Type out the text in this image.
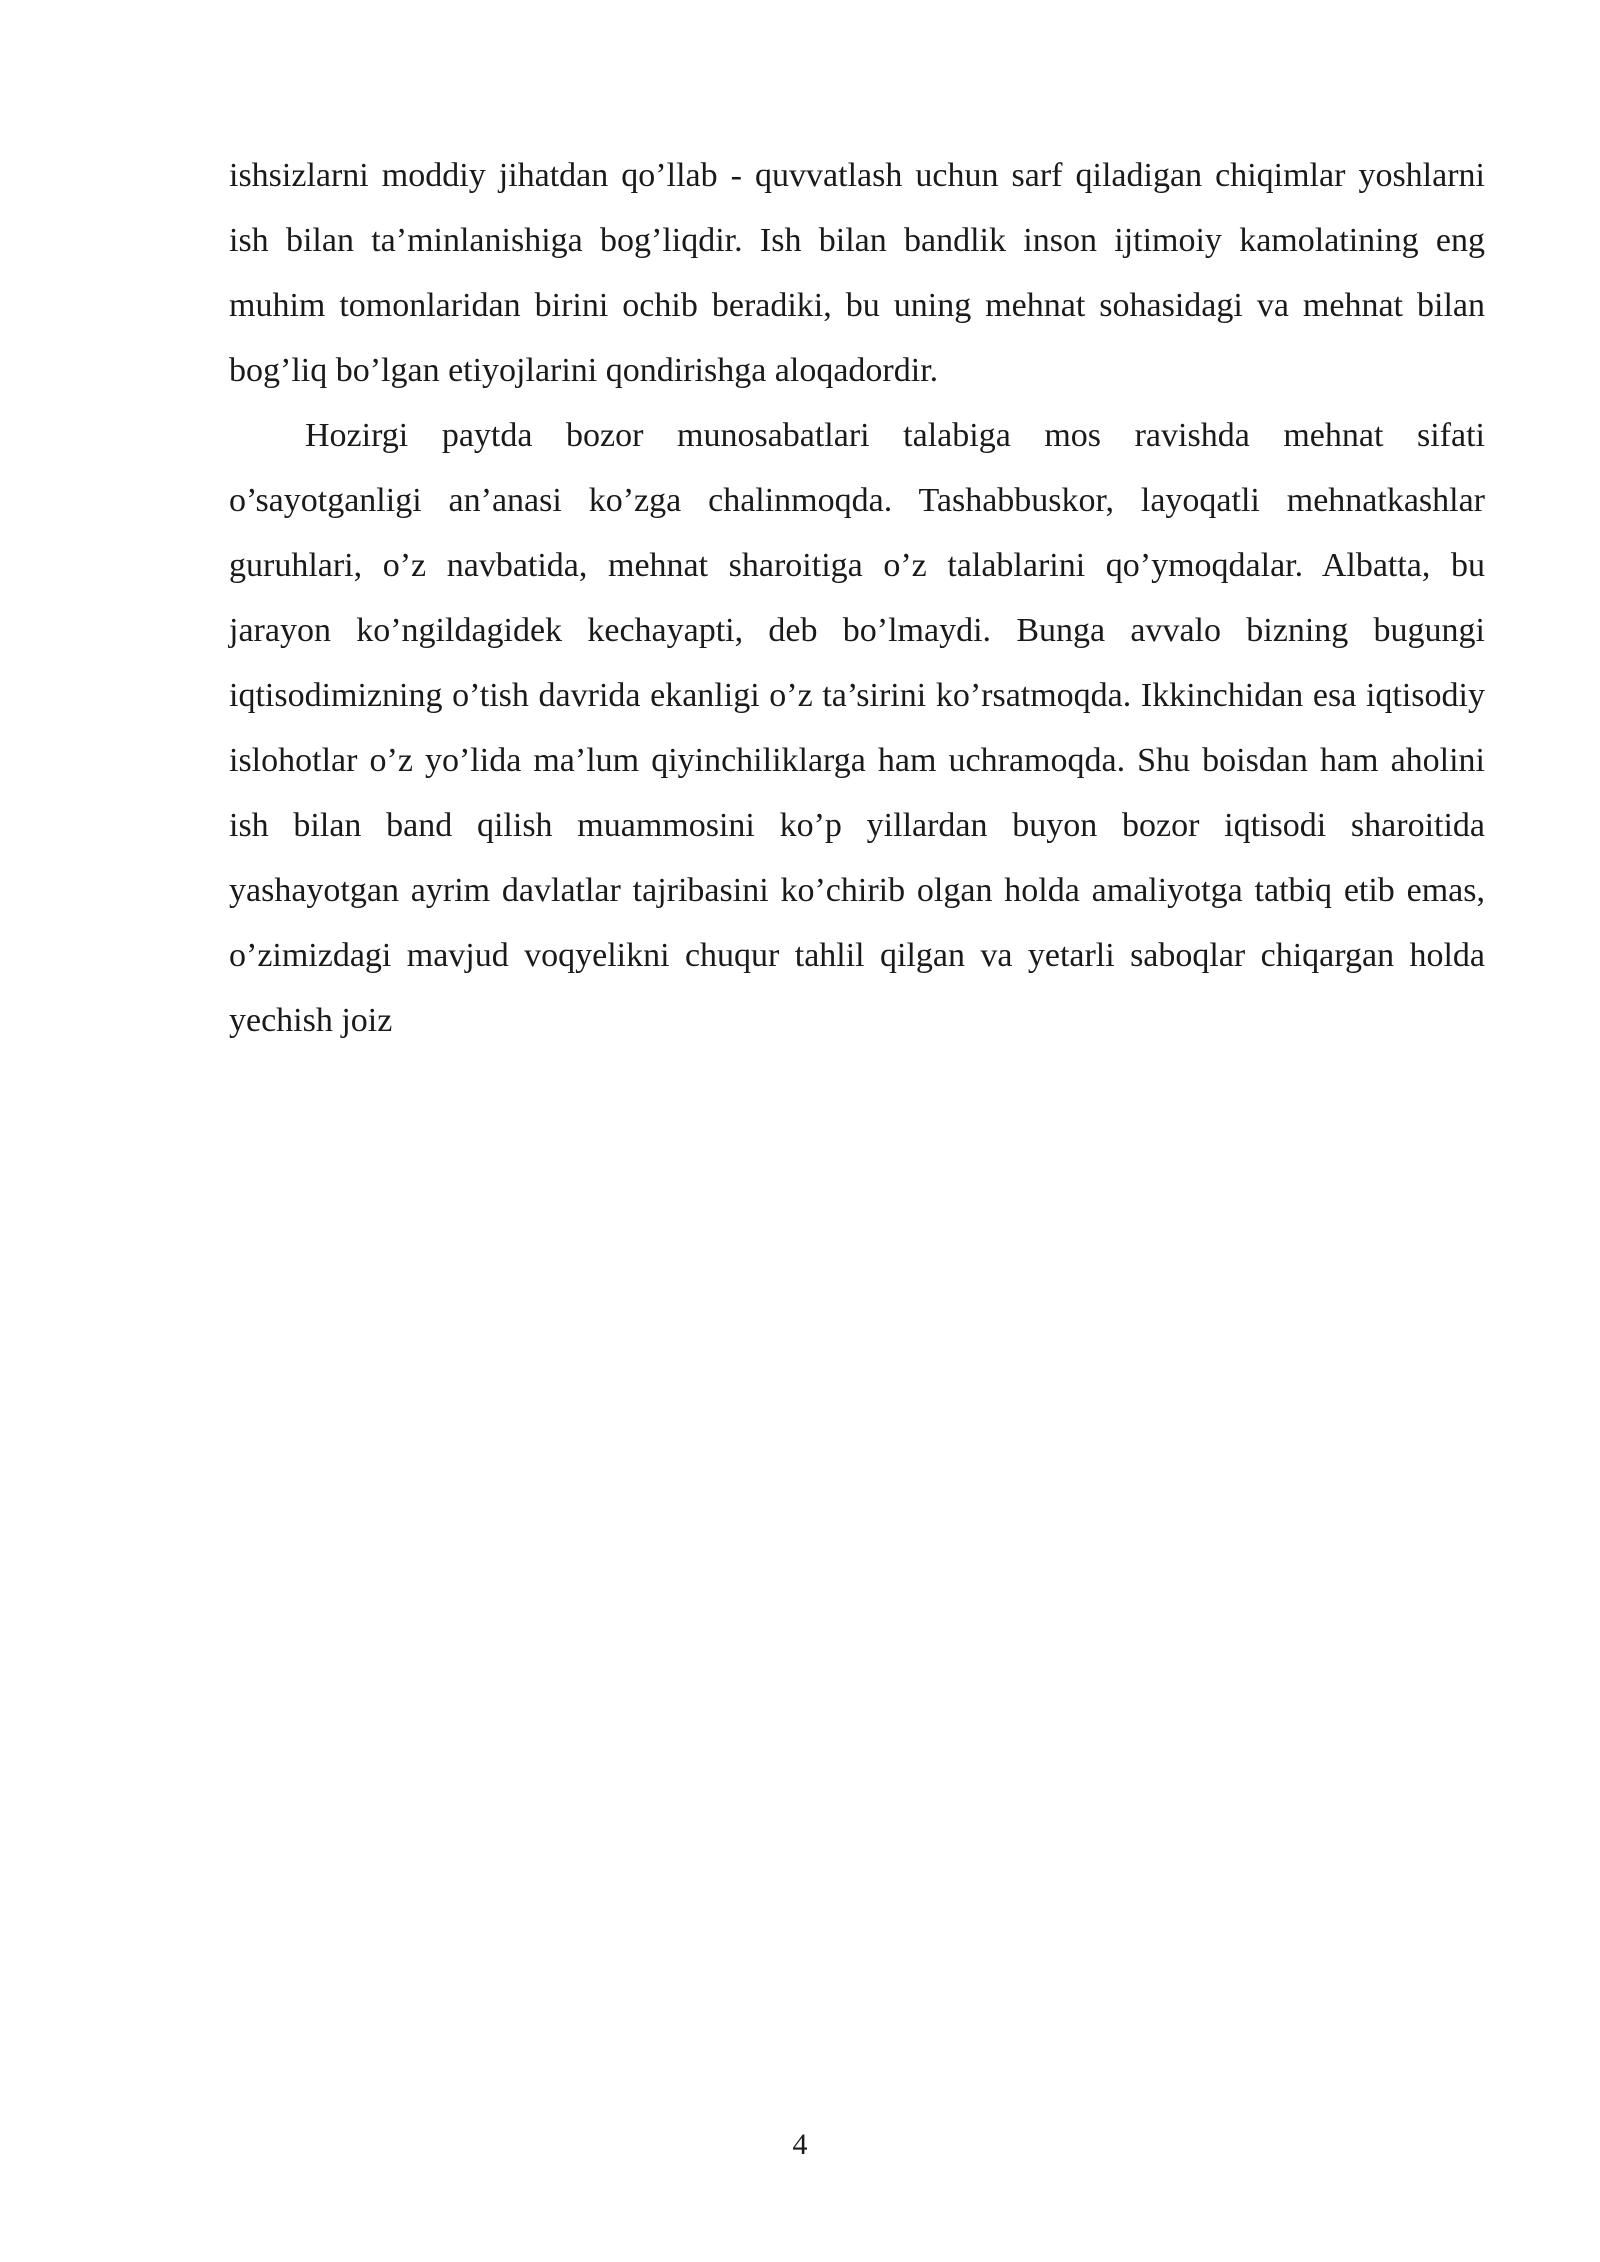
ishsizlarni moddiy jihatdan qo’llab - quvvatlash uchun sarf qiladigan chiqimlar yoshlarni ish bilan ta’minlanishiga bog’liqdir. Ish bilan bandlik inson ijtimoiy kamolatining eng muhim tomonlaridan birini ochib beradiki, bu uning mehnat sohasidagi va mehnat bilan bog’liq bo’lgan etiyojlarini qondirishga aloqadordir.

Hozirgi paytda bozor munosabatlari talabiga mos ravishda mehnat sifati o’sayotganligi an’anasi ko’zga chalinmoqda. Tashabbuskor, layoqatli mehnatkashlar guruhlari, o’z navbatida, mehnat sharoitiga o’z talablarini qo’ymoqdalar. Albatta, bu jarayon ko’ngildagidek kechayapti, deb bo’lmaydi. Bunga avvalo bizning bugungi iqtisodimizning o’tish davrida ekanligi o’z ta’sirini ko’rsatmoqda. Ikkinchidan esa iqtisodiy islohotlar o’z yo’lida ma’lum qiyinchiliklarga ham uchramoqda. Shu boisdan ham aholini ish bilan band qilish muammosini ko’p yillardan buyon bozor iqtisodi sharoitida yashayotgan ayrim davlatlar tajribasini ko’chirib olgan holda amaliyotga tatbiq etib emas, o’zimizdagi mavjud voqyelikni chuqur tahlil qilgan va yetarli saboqlar chiqargan holda yechish joiz

4
